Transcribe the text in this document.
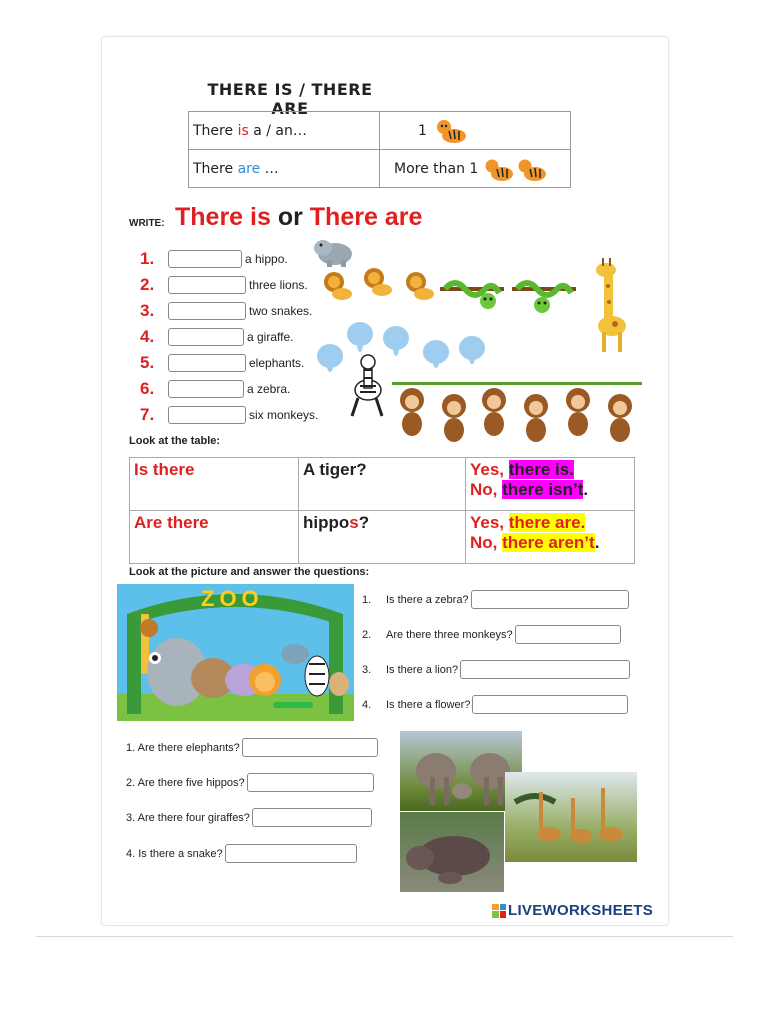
THERE IS / THERE ARE
There is a / an…	1
There are …	More than 1
WRITE: There is or There are
1.	a hippo.
2.	three lions.
3.	two snakes.
4.	a giraffe.
5.	elephants.
6.	a zebra.
7.	six monkeys.
Look at the table:
Is there	A tiger?	Yes, there is.
No, there isn’t.

Are there	hippos?	Yes, there are.
No, there aren’t.
Look at the picture and answer the questions:
ZOO	1.	Is there a zebra?
2.	Are there three monkeys?
3.	Is there a lion?
4.	Is there a flower?
1. Are there elephants?
2. Are there five hippos?
3. Are there four giraffes?
4. Is there a snake?
LIVEWORKSHEETS
